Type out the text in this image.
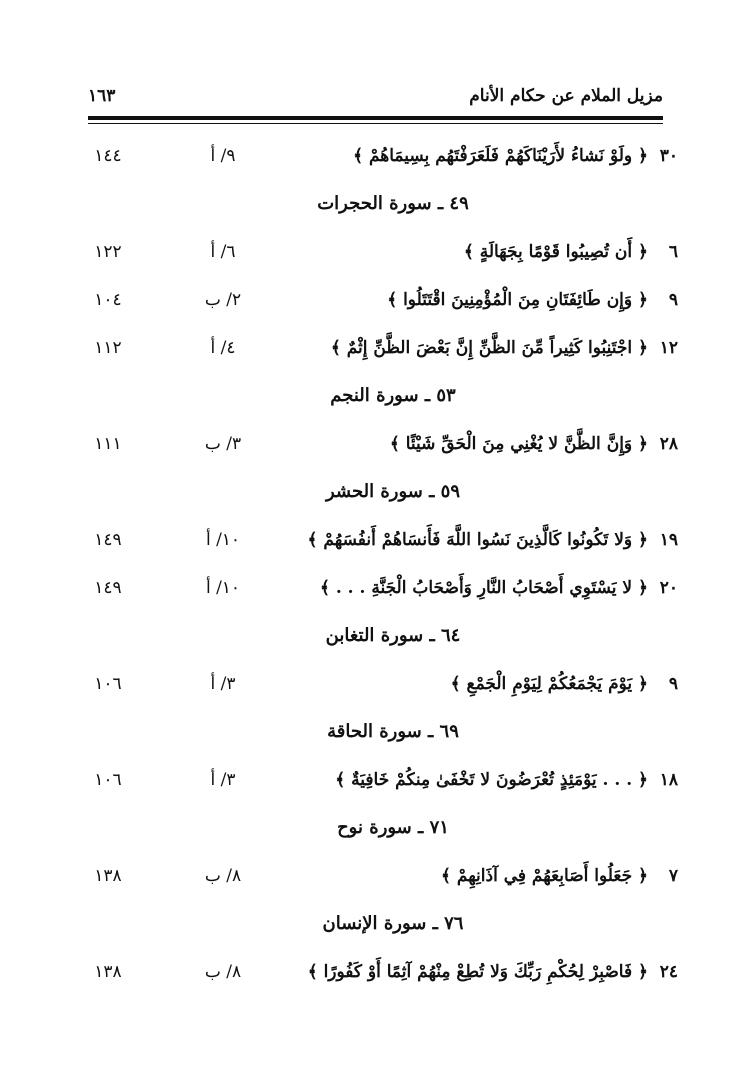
مزيل الملام عن حكام الأنام
١٦٣
٣٠﴿ ولَوْ نَشاءُ لأَرَيْنَاكَهُمْ فَلَعَرَفْتَهُم بِسِيمَاهُمْ ﴾
٩/ أ
١٤٤
٤٩ ـ سورة الحجرات
٦﴿ أَن تُصِيبُوا قَوْمًا بِجَهَالَةٍ ﴾
٦/ أ
١٢٢
٩﴿ وَإِن طَائِفَتَانِ مِنَ الْمُؤْمِنِينَ اقْتَتَلُوا ﴾
٢/ ب
١٠٤
١٢﴿ اجْتَنِبُوا كَثِيراً مِّنَ الظَّنِّ إِنَّ بَعْضَ الظَّنِّ إِثْمٌ ﴾
٤/ أ
١١٢
٥٣ ـ سورة النجم
٢٨﴿ وَإِنَّ الظَّنَّ لا يُغْنِي مِنَ الْحَقِّ شَيْئًا ﴾
٣/ ب
١١١
٥٩ ـ سورة الحشر
١٩﴿ وَلا تَكُونُوا كَالَّذِينَ نَسُوا اللَّهَ فَأَنسَاهُمْ أَنفُسَهُمْ ﴾
١٠/ أ
١٤٩
٢٠﴿ لا يَسْتَوِي أَصْحَابُ النَّارِ وَأَصْحَابُ الْجَنَّةِ . . . ﴾
١٠/ أ
١٤٩
٦٤ ـ سورة التغابن
٩﴿ يَوْمَ يَجْمَعُكُمْ لِيَوْمِ الْجَمْعِ ﴾
٣/ أ
١٠٦
٦٩ ـ سورة الحاقة
١٨﴿ . . . يَوْمَئِذٍ تُعْرَضُونَ لا تَخْفَىٰ مِنكُمْ خَافِيَةٌ ﴾
٣/ أ
١٠٦
٧١ ـ سورة نوح
٧﴿ جَعَلُوا أَصَابِعَهُمْ فِي آذَانِهِمْ ﴾
٨/ ب
١٣٨
٧٦ ـ سورة الإنسان
٢٤﴿ فَاصْبِرْ لِحُكْمِ رَبِّكَ وَلا تُطِعْ مِنْهُمْ آثِمًا أَوْ كَفُورًا ﴾
٨/ ب
١٣٨
